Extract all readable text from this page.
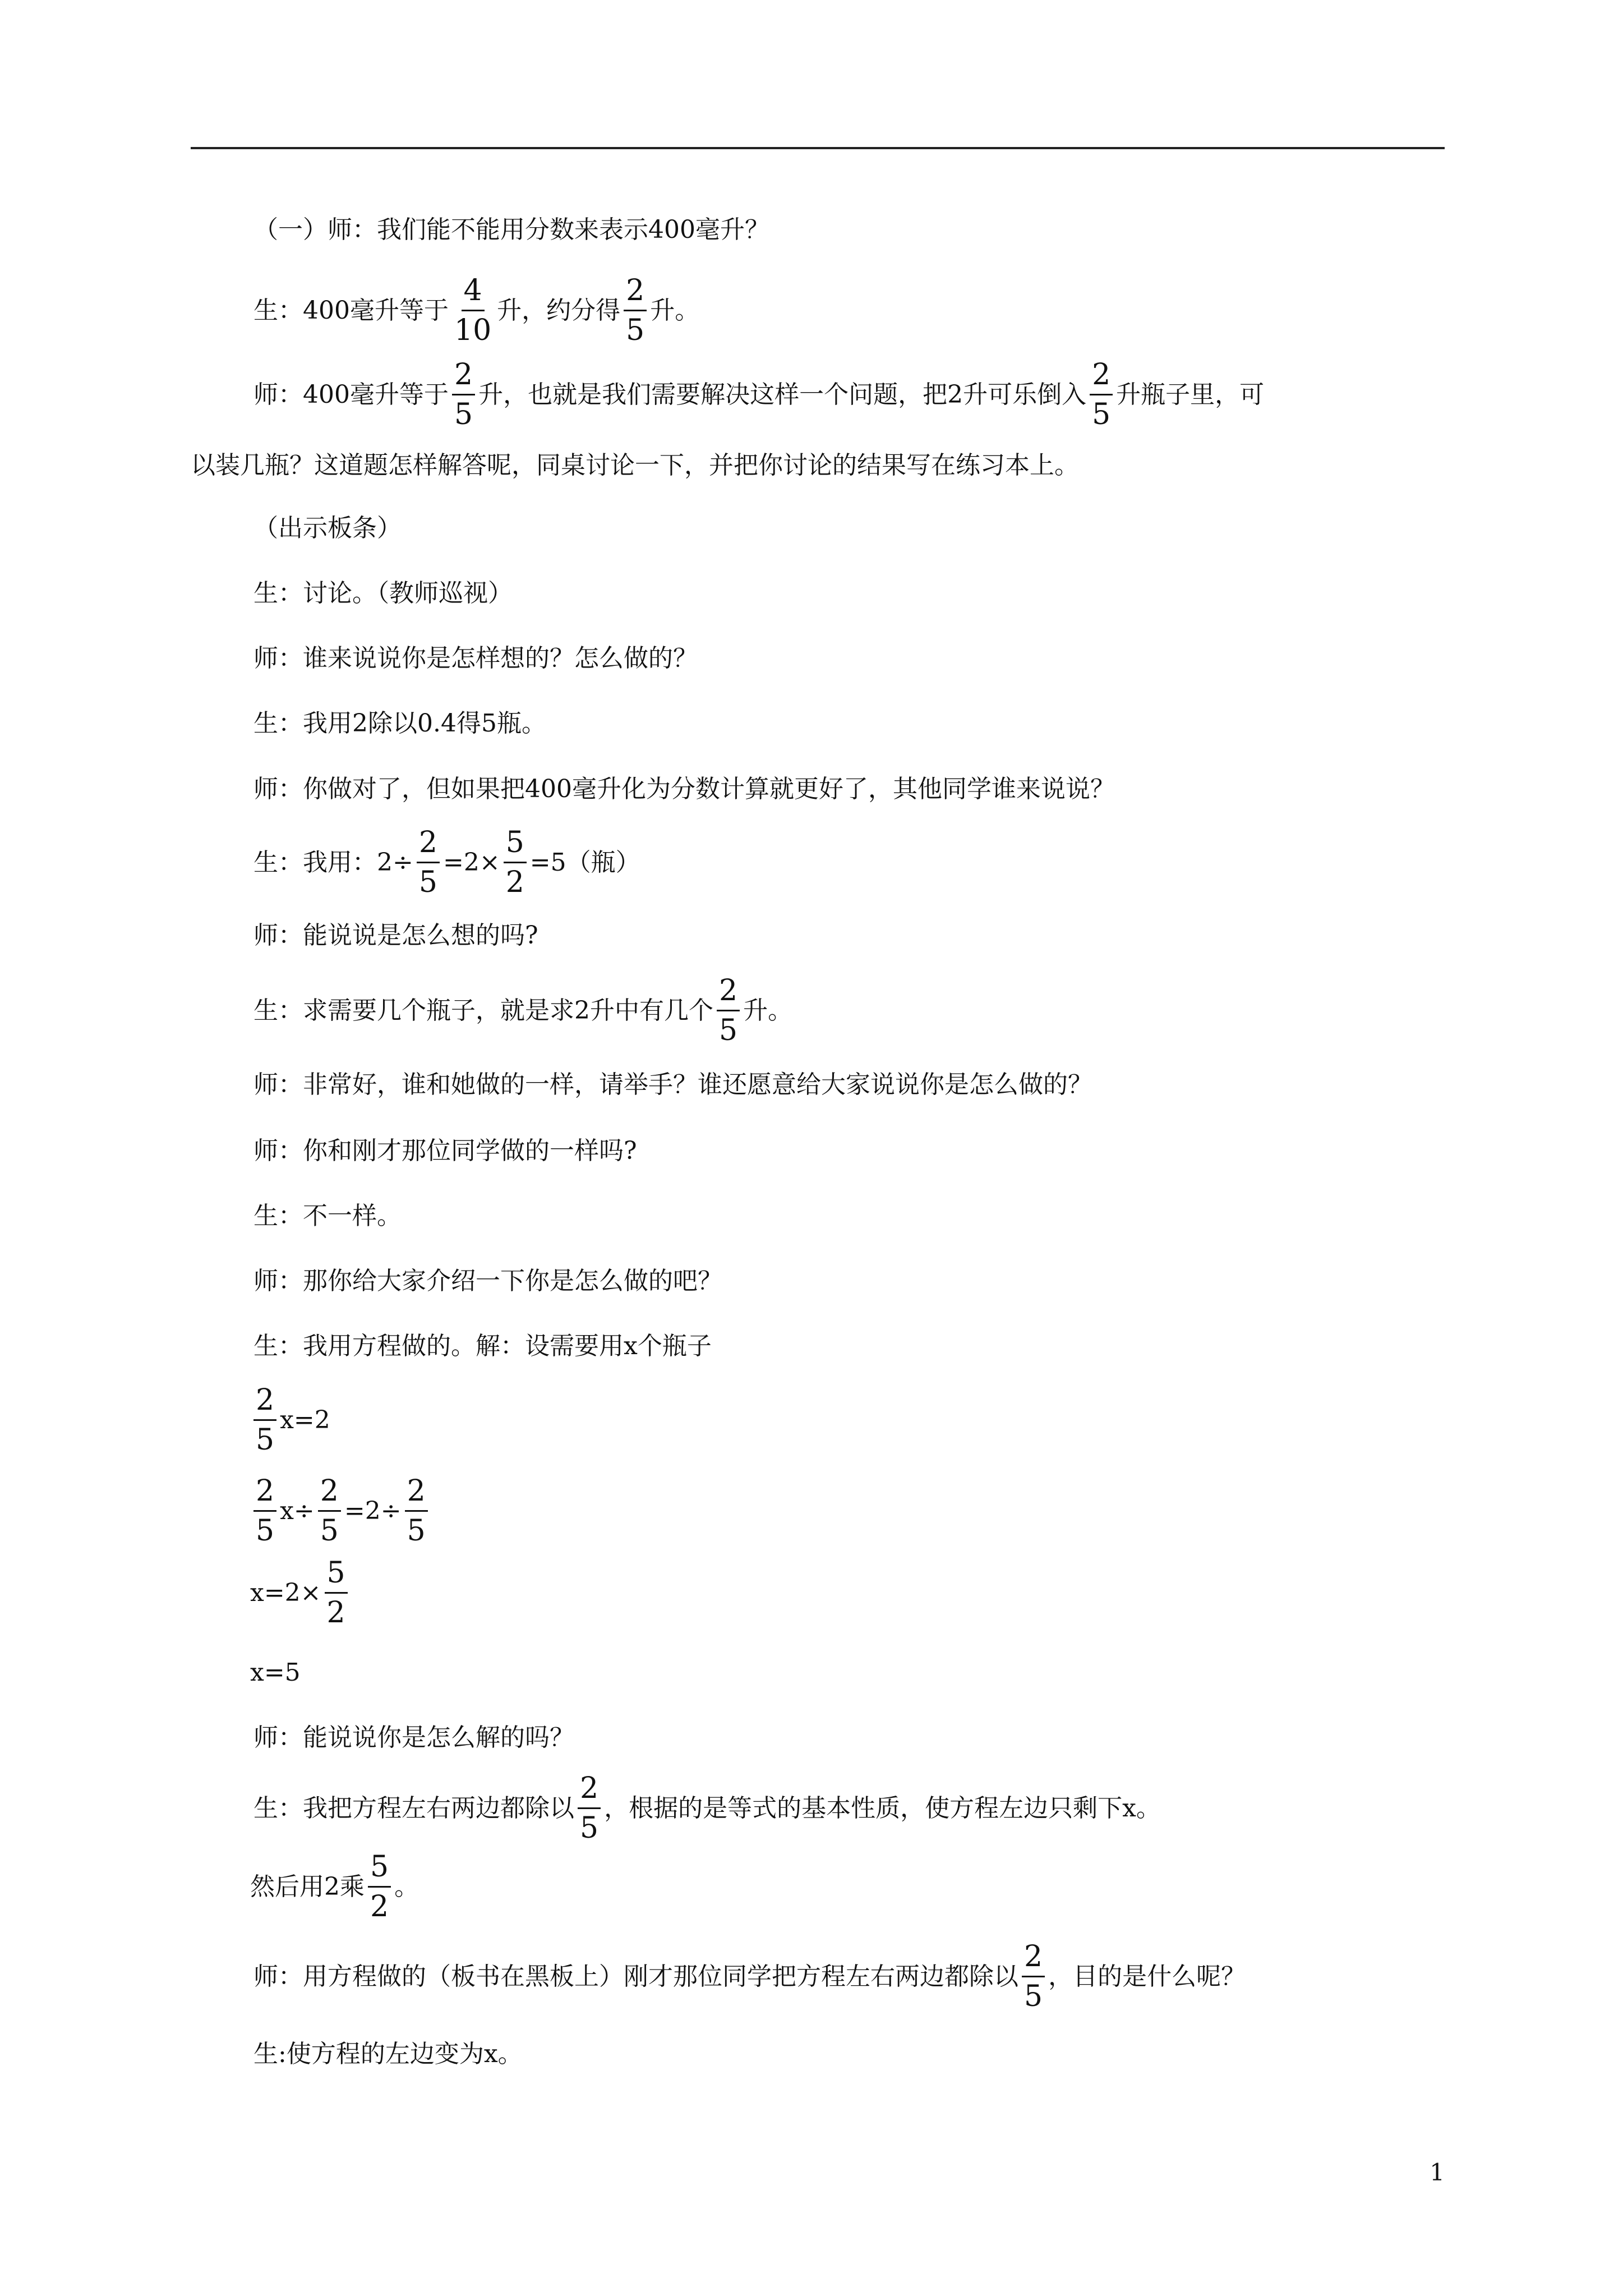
（一）师：我们能不能用分数来表示400毫升？
生：400毫升等于 $\frac{4}{10}$ 升，约分得 $\frac{2}{5}$ 升。
师：400毫升等于 $\frac{2}{5}$ 升，也就是我们需要解决这样一个问题，把2升可乐倒入 $\frac{2}{5}$ 升瓶子里，可
以装几瓶？这道题怎样解答呢，同桌讨论一下，并把你讨论的结果写在练习本上。
（出示板条）
生：讨论。（教师巡视）
师：谁来说说你是怎样想的？怎么做的？
生：我用2除以0.4得5瓶。
师：你做对了，但如果把400毫升化为分数计算就更好了，其他同学谁来说说？
生：我用：$2\div \frac{2}{5} =2\times \frac{5}{2} =5$（瓶）
师：能说说是怎么想的吗?
生：求需要几个瓶子，就是求2升中有几个 $\frac{2}{5}$ 升。
师：非常好，谁和她做的一样，请举手？谁还愿意给大家说说你是怎么做的？
师：你和刚才那位同学做的一样吗?
生：不一样。
师：那你给大家介绍一下你是怎么做的吧？
生：我用方程做的。解：设需要用x个瓶子
$\frac{2}{5} x=2$
$\frac{2}{5} x\div \frac{2}{5} =2\div \frac{2}{5}$
$x=2\times \frac{5}{2}$
x=5
师：能说说你是怎么解的吗？
生：我把方程左右两边都除以 $\frac{2}{5}$ ，根据的是等式的基本性质，使方程左边只剩下x。
然后用2乘 $\frac{5}{2}$ 。
师：用方程做的（板书在黑板上）刚才那位同学把方程左右两边都除以 $\frac{2}{5}$ ，目的是什么呢？
生:使方程的左边变为x。
1
